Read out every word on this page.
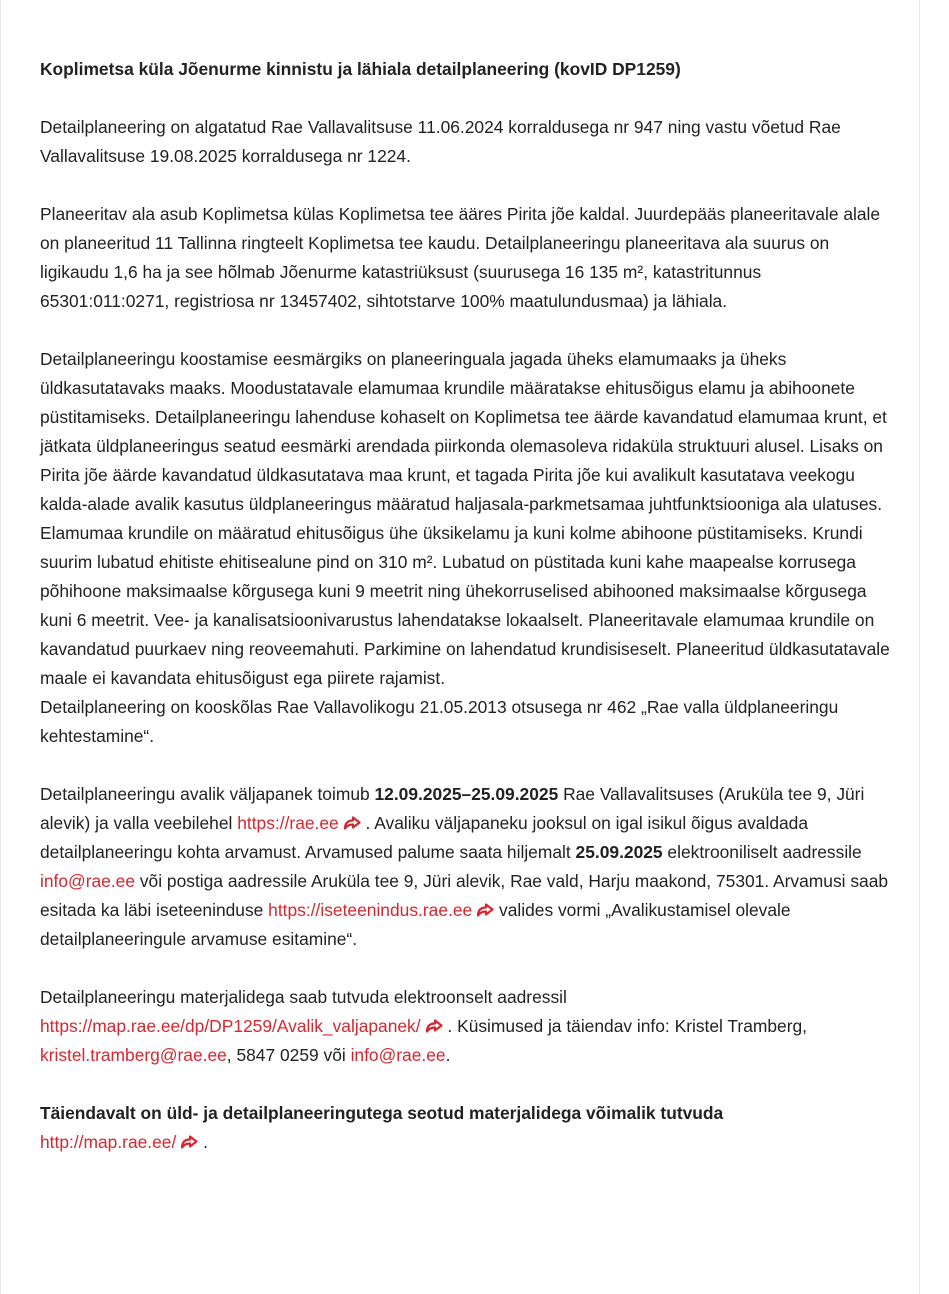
Koplimetsa küla Jõenurme kinnistu ja lähiala detailplaneering (kovID DP1259)

Detailplaneering on algatatud Rae Vallavalitsuse 11.06.2024 korraldusega nr 947 ning vastu võetud Rae Vallavalitsuse 19.08.2025 korraldusega nr 1224.

Planeeritav ala asub Koplimetsa külas Koplimetsa tee ääres Pirita jõe kaldal. Juurdepääs planeeritavale alale on planeeritud 11 Tallinna ringteelt Koplimetsa tee kaudu. Detailplaneeringu planeeritava ala suurus on ligikaudu 1,6 ha ja see hõlmab Jõenurme katastriüksust (suurusega 16 135 m², katastritunnus 65301:011:0271, registriosa nr 13457402, sihtotstarve 100% maatulundusmaa) ja lähiala.

Detailplaneeringu koostamise eesmärgiks on planeeringuala jagada üheks elamumaaks ja üheks üldkasutatavaks maaks. Moodustatavale elamumaa krundile määratakse ehitusõigus elamu ja abihoonete püstitamiseks. Detailplaneeringu lahenduse kohaselt on Koplimetsa tee äärde kavandatud elamumaa krunt, et jätkata üldplaneeringus seatud eesmärki arendada piirkonda olemasoleva ridaküla struktuuri alusel. Lisaks on Pirita jõe äärde kavandatud üldkasutatava maa krunt, et tagada Pirita jõe kui avalikult kasutatava veekogu kalda-alade avalik kasutus üldplaneeringus määratud haljasala-parkmetsamaa juhtfunktsiooniga ala ulatuses. Elamumaa krundile on määratud ehitusõigus ühe üksikelamu ja kuni kolme abihoone püstitamiseks. Krundi suurim lubatud ehitiste ehitisealune pind on 310 m². Lubatud on püstitada kuni kahe maapealse korrusega põhihoone maksimaalse kõrgusega kuni 9 meetrit ning ühekorruselised abihooned maksimaalse kõrgusega kuni 6 meetrit. Vee- ja kanalisatsioonivarustus lahendatakse lokaalselt. Planeeritavale elamumaa krundile on kavandatud puurkaev ning reoveemahuti. Parkimine on lahendatud krundisiseselt. Planeeritud üldkasutatavale maale ei kavandata ehitusõigust ega piirete rajamist.

Detailplaneering on kooskõlas Rae Vallavolikogu 21.05.2013 otsusega nr 462 „Rae valla üldplaneeringu kehtestamine“.

Detailplaneeringu avalik väljapanek toimub 12.09.2025–25.09.2025 Rae Vallavalitsuses (Aruküla tee 9, Jüri alevik) ja valla veebilehel https://rae.ee
. Avaliku väljapaneku jooksul on igal isikul õigus avaldada detailplaneeringu kohta arvamust. Arvamused palume saata hiljemalt 25.09.2025 elektrooniliselt aadressile info@rae.ee või postiga aadressile Aruküla tee 9, Jüri alevik, Rae vald, Harju maakond, 75301. Arvamusi saab esitada ka läbi iseteeninduse https://iseteenindus.rae.ee
valides vormi „Avalikustamisel olevale detailplaneeringule arvamuse esitamine“.

Detailplaneeringu materjalidega saab tutvuda elektroonselt aadressil https://map.rae.ee/dp/DP1259/Avalik_valjapanek/
. Küsimused ja täiendav info: Kristel Tramberg, kristel.tramberg@rae.ee, 5847 0259 või info@rae.ee.

Täiendavalt on üld- ja detailplaneeringutega seotud materjalidega võimalik tutvuda
http://map.rae.ee/
.
